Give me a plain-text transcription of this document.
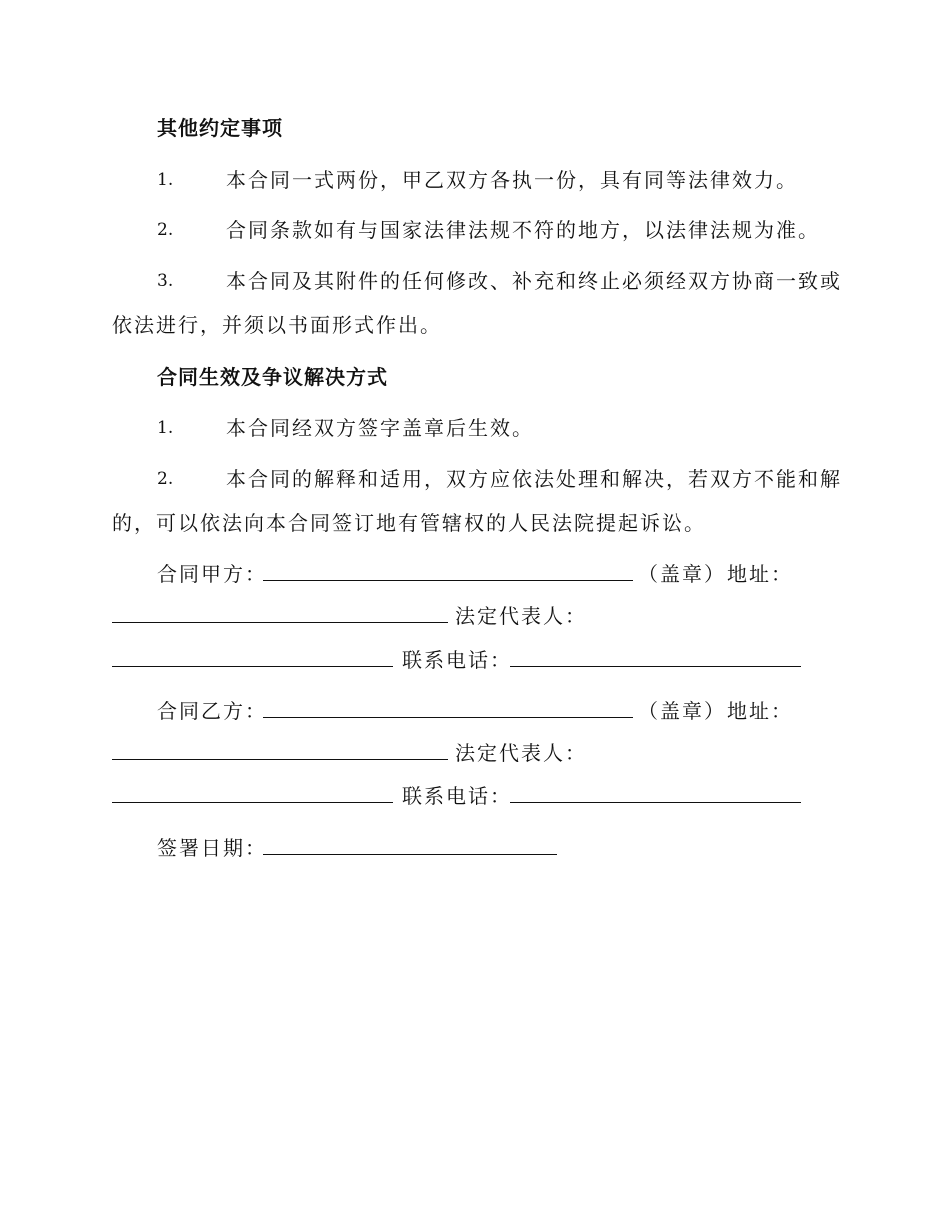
其他约定事项
1.	本合同一式两份，甲乙双方各执一份，具有同等法律效力。
2.	合同条款如有与国家法律法规不符的地方，以法律法规为准。
3.	本合同及其附件的任何修改、补充和终止必须经双方协商一致或
依法进行，并须以书面形式作出。
合同生效及争议解决方式
1.	本合同经双方签字盖章后生效。
2.	本合同的解释和适用，双方应依法处理和解决，若双方不能和解
的，可以依法向本合同签订地有管辖权的人民法院提起诉讼。
合同甲方：	（盖章） 地址：
法定代表人：
联系电话：
合同乙方：	（盖章） 地址：
法定代表人：
联系电话：
签署日期：
